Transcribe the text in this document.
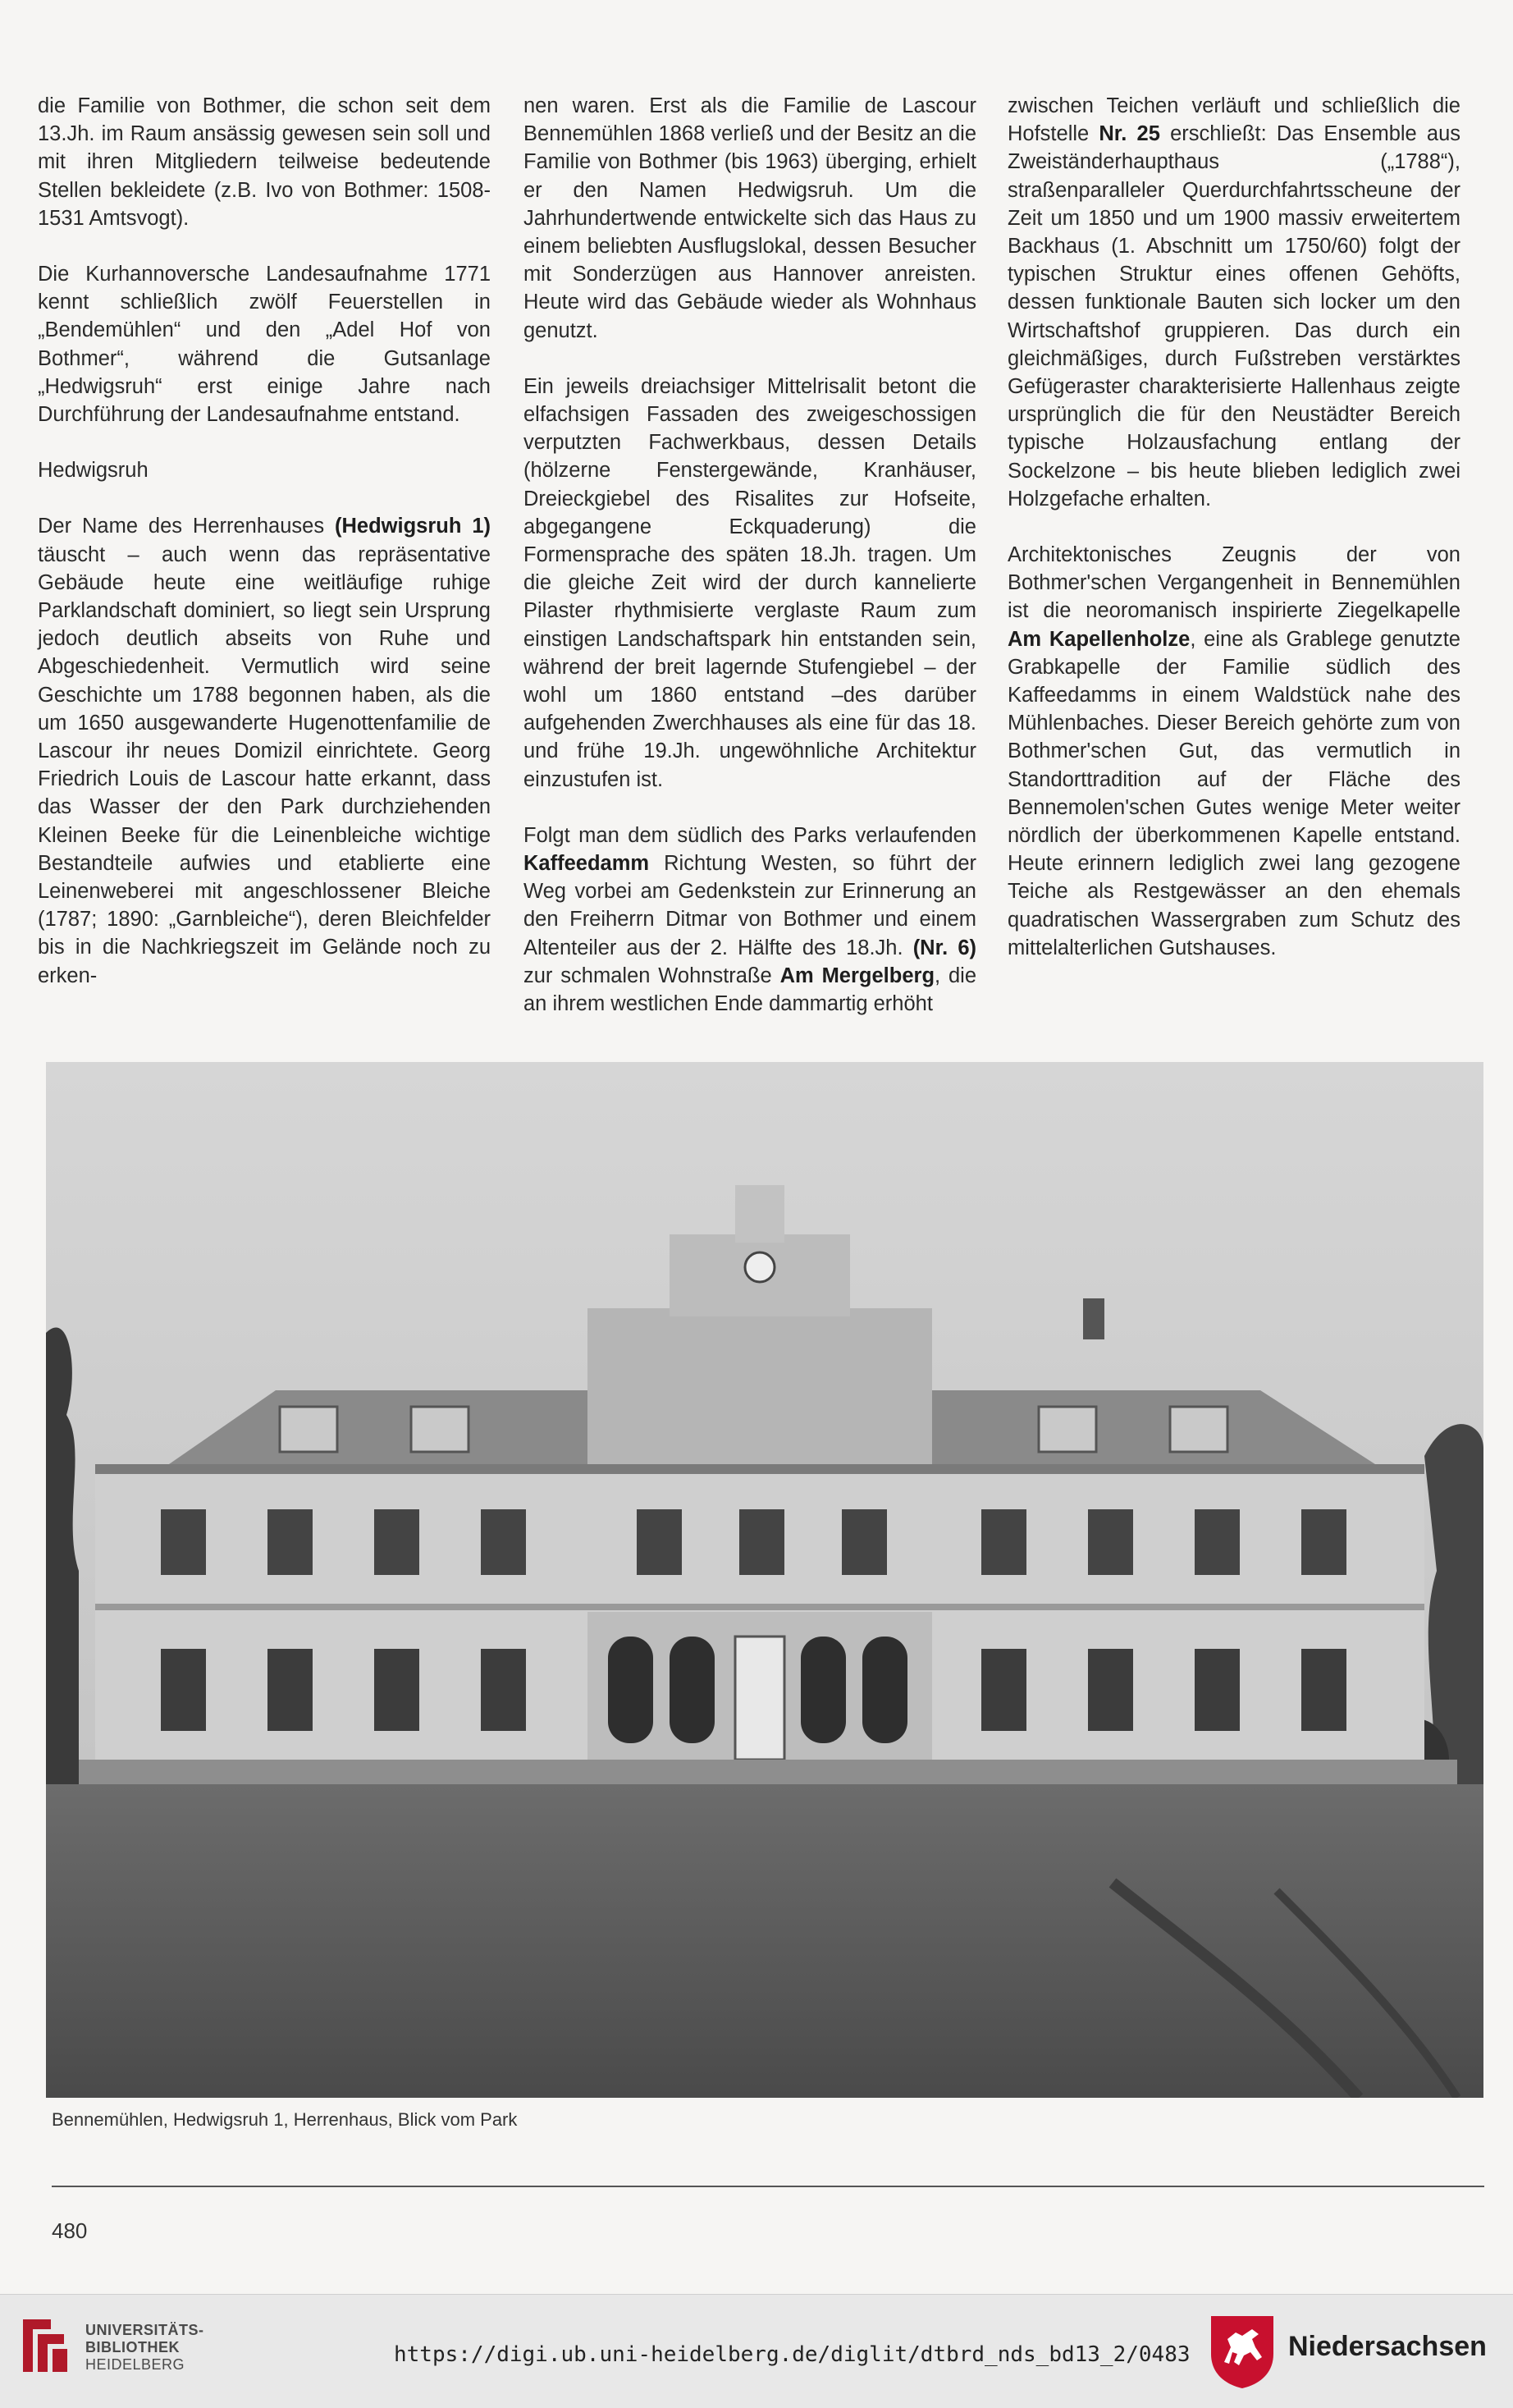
die Familie von Bothmer, die schon seit dem 13.Jh. im Raum ansässig gewesen sein soll und mit ihren Mitgliedern teilweise bedeutende Stellen bekleidete (z.B. Ivo von Bothmer: 1508-1531 Amtsvogt).

Die Kurhannoversche Landesaufnahme 1771 kennt schließlich zwölf Feuerstellen in „Bendemühlen“ und den „Adel Hof von Bothmer“, während die Gutsanlage „Hedwigsruh“ erst einige Jahre nach Durchführung der Landesaufnahme entstand.

Hedwigsruh

Der Name des Herrenhauses (Hedwigsruh 1) täuscht – auch wenn das repräsentative Gebäude heute eine weitläufige ruhige Parklandschaft dominiert, so liegt sein Ursprung jedoch deutlich abseits von Ruhe und Abgeschiedenheit. Vermutlich wird seine Geschichte um 1788 begonnen haben, als die um 1650 ausgewanderte Hugenottenfamilie de Lascour ihr neues Domizil einrichtete. Georg Friedrich Louis de Lascour hatte erkannt, dass das Wasser der den Park durchziehenden Kleinen Beeke für die Leinenbleiche wichtige Bestandteile aufwies und etablierte eine Leinenweberei mit angeschlossener Bleiche (1787; 1890: „Garnbleiche“), deren Bleichfelder bis in die Nachkriegszeit im Gelände noch zu erken-

nen waren. Erst als die Familie de Lascour Bennemühlen 1868 verließ und der Besitz an die Familie von Bothmer (bis 1963) überging, erhielt er den Namen Hedwigsruh. Um die Jahrhundertwende entwickelte sich das Haus zu einem beliebten Ausflugslokal, dessen Besucher mit Sonderzügen aus Hannover anreisten. Heute wird das Gebäude wieder als Wohnhaus genutzt.

Ein jeweils dreiachsiger Mittelrisalit betont die elfachsigen Fassaden des zweigeschossigen verputzten Fachwerkbaus, dessen Details (hölzerne Fenstergewände, Kranhäuser, Dreieckgiebel des Risalites zur Hofseite, abgegangene Eckquaderung) die Formensprache des späten 18.Jh. tragen. Um die gleiche Zeit wird der durch kannelierte Pilaster rhythmisierte verglaste Raum zum einstigen Landschaftspark hin entstanden sein, während der breit lagernde Stufengiebel – der wohl um 1860 entstand –des darüber aufgehenden Zwerchhauses als eine für das 18. und frühe 19.Jh. ungewöhnliche Architektur einzustufen ist.

Folgt man dem südlich des Parks verlaufenden Kaffeedamm Richtung Westen, so führt der Weg vorbei am Gedenkstein zur Erinnerung an den Freiherrn Ditmar von Bothmer und einem Altenteiler aus der 2. Hälfte des 18.Jh. (Nr. 6) zur schmalen Wohnstraße Am Mergelberg, die an ihrem westlichen Ende dammartig erhöht

zwischen Teichen verläuft und schließlich die Hofstelle Nr. 25 erschließt: Das Ensemble aus Zweiständerhaupthaus („1788“), straßenparalleler Querdurchfahrtsscheune der Zeit um 1850 und um 1900 massiv erweitertem Backhaus (1. Abschnitt um 1750/60) folgt der typischen Struktur eines offenen Gehöfts, dessen funktionale Bauten sich locker um den Wirtschaftshof gruppieren. Das durch ein gleichmäßiges, durch Fußstreben verstärktes Gefügeraster charakterisierte Hallenhaus zeigte ursprünglich die für den Neustädter Bereich typische Holzausfachung entlang der Sockelzone – bis heute blieben lediglich zwei Holzgefache erhalten.

Architektonisches Zeugnis der von Bothmer'schen Vergangenheit in Bennemühlen ist die neoromanisch inspirierte Ziegelkapelle Am Kapellenholze, eine als Grablege genutzte Grabkapelle der Familie südlich des Kaffeedamms in einem Waldstück nahe des Mühlenbaches. Dieser Bereich gehörte zum von Bothmer'schen Gut, das vermutlich in Standorttradition auf der Fläche des Bennemolen'schen Gutes wenige Meter weiter nördlich der überkommenen Kapelle entstand. Heute erinnern lediglich zwei lang gezogene Teiche als Restgewässer an den ehemals quadratischen Wassergraben zum Schutz des mittelalterlichen Gutshauses.

Bennemühlen, Hedwigsruh 1, Herrenhaus, Blick vom Park
480
UNIVERSITÄTS-
BIBLIOTHEK
HEIDELBERG	https://digi.ub.uni-heidelberg.de/diglit/dtbrd_nds_bd13_2/0483	Niedersachsen
